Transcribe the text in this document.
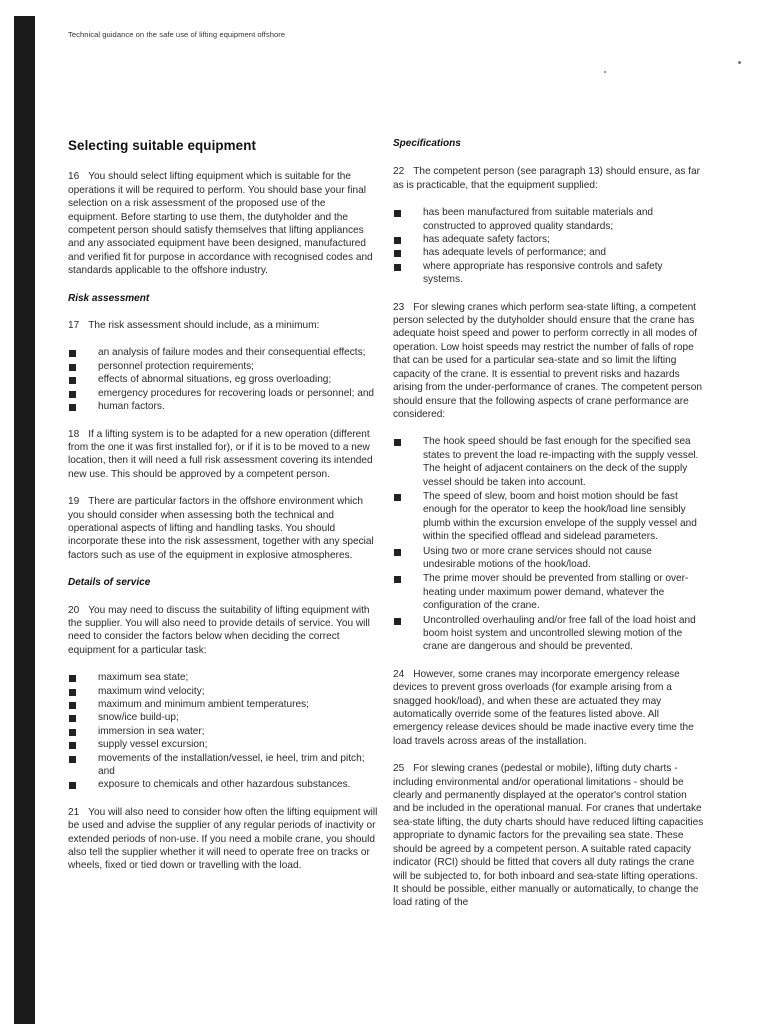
Technical guidance on the safe use of lifting equipment offshore
Selecting suitable equipment

16 You should select lifting equipment which is suitable for the operations it will be required to perform. You should base your final selection on a risk assessment of the proposed use of the equipment. Before starting to use them, the dutyholder and the competent person should satisfy themselves that lifting appliances and any associated equipment have been designed, manufactured and verified fit for purpose in accordance with recognised codes and standards applicable to the offshore industry.

Risk assessment

17 The risk assessment should include, as a minimum:

an analysis of failure modes and their consequential effects;
personnel protection requirements;
effects of abnormal situations, eg gross overloading;
emergency procedures for recovering loads or personnel; and
human factors.

18 If a lifting system is to be adapted for a new operation (different from the one it was first installed for), or if it is to be moved to a new location, then it will need a full risk assessment covering its intended new use. This should be approved by a competent person.

19 There are particular factors in the offshore environment which you should consider when assessing both the technical and operational aspects of lifting and handling tasks. You should incorporate these into the risk assessment, together with any special factors such as use of the equipment in explosive atmospheres.

Details of service

20 You may need to discuss the suitability of lifting equipment with the supplier. You will also need to provide details of service. You will need to consider the factors below when deciding the correct equipment for a particular task:

maximum sea state;
maximum wind velocity;
maximum and minimum ambient temperatures;
snow/ice build-up;
immersion in sea water;
supply vessel excursion;
movements of the installation/vessel, ie heel, trim and pitch; and
exposure to chemicals and other hazardous substances.

21 You will also need to consider how often the lifting equipment will be used and advise the supplier of any regular periods of inactivity or extended periods of non-use. If you need a mobile crane, you should also tell the supplier whether it will need to operate free on tracks or wheels, fixed or tied down or travelling with the load.

Specifications

22 The competent person (see paragraph 13) should ensure, as far as is practicable, that the equipment supplied:

has been manufactured from suitable materials and constructed to approved quality standards;
has adequate safety factors;
has adequate levels of performance; and
where appropriate has responsive controls and safety systems.

23 For slewing cranes which perform sea-state lifting, a competent person selected by the dutyholder should ensure that the crane has adequate hoist speed and power to perform correctly in all modes of operation. Low hoist speeds may restrict the number of falls of rope that can be used for a particular sea-state and so limit the lifting capacity of the crane. It is essential to prevent risks and hazards arising from the under-performance of cranes. The competent person should ensure that the following aspects of crane performance are considered:

The hook speed should be fast enough for the specified sea states to prevent the load re-impacting with the supply vessel. The height of adjacent containers on the deck of the supply vessel should be taken into account.
The speed of slew, boom and hoist motion should be fast enough for the operator to keep the hook/load line sensibly plumb within the excursion envelope of the supply vessel and within the specified offlead and sidelead parameters.
Using two or more crane services should not cause undesirable motions of the hook/load.
The prime mover should be prevented from stalling or over-heating under maximum power demand, whatever the configuration of the crane.
Uncontrolled overhauling and/or free fall of the load hoist and boom hoist system and uncontrolled slewing motion of the crane are dangerous and should be prevented.

24 However, some cranes may incorporate emergency release devices to prevent gross overloads (for example arising from a snagged hook/load), and when these are actuated they may automatically override some of the features listed above. All emergency release devices should be made inactive every time the load travels across areas of the installation.

25 For slewing cranes (pedestal or mobile), lifting duty charts - including environmental and/or operational limitations - should be clearly and permanently displayed at the operator's control station and be included in the operational manual. For cranes that undertake sea-state lifting, the duty charts should have reduced lifting capacities appropriate to dynamic factors for the prevailing sea state. These should be agreed by a competent person. A suitable rated capacity indicator (RCI) should be fitted that covers all duty ratings the crane will be subjected to, for both inboard and sea-state lifting operations. It should be possible, either manually or automatically, to change the load rating of the
